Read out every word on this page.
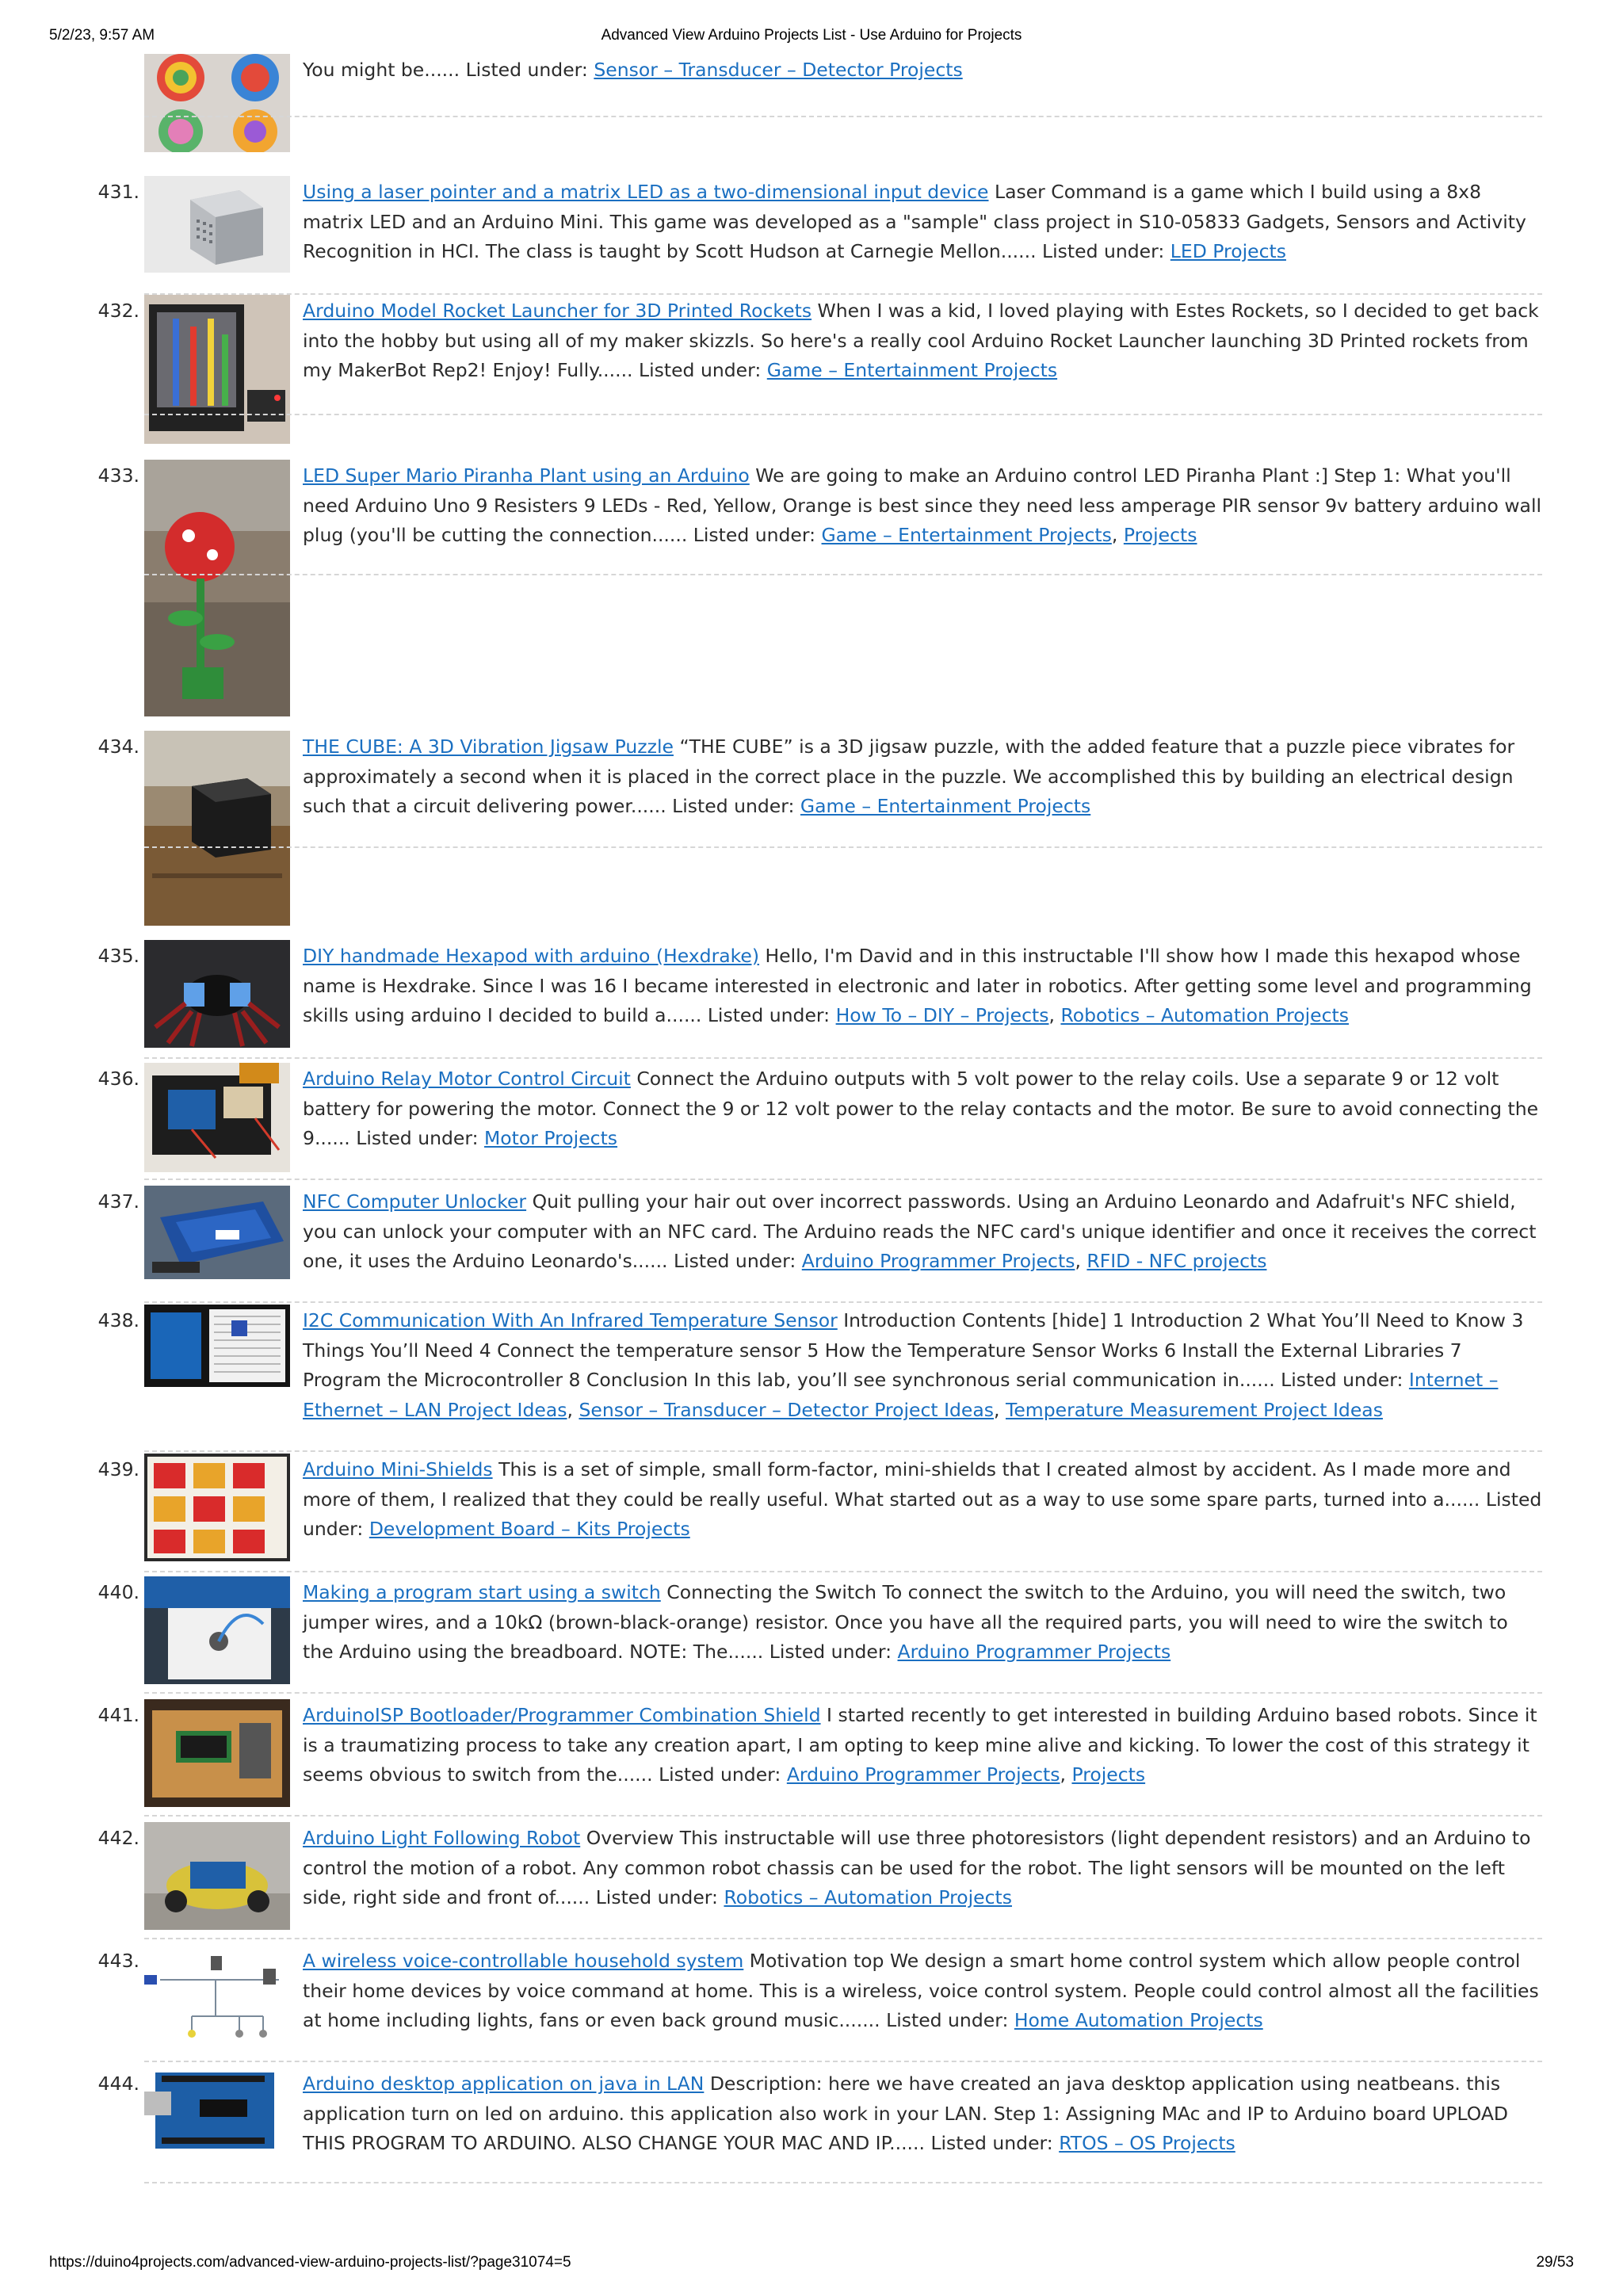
5/2/23, 9:57 AM	Advanced View Arduino Projects List - Use Arduino for Projects
You might be...... Listed under: Sensor – Transducer – Detector Projects
431.	Using a laser pointer and a matrix LED as a two-dimensional input device Laser Command is a game which I build using a 8x8 matrix LED and an Arduino Mini. This game was developed as a "sample" class project in S10-05833 Gadgets, Sensors and Activity Recognition in HCI. The class is taught by Scott Hudson at Carnegie Mellon...... Listed under: LED Projects
432.	Arduino Model Rocket Launcher for 3D Printed Rockets When I was a kid, I loved playing with Estes Rockets, so I decided to get back into the hobby but using all of my maker skizzls. So here's a really cool Arduino Rocket Launcher launching 3D Printed rockets from my MakerBot Rep2! Enjoy! Fully...... Listed under: Game – Entertainment Projects
433.	LED Super Mario Piranha Plant using an Arduino We are going to make an Arduino control LED Piranha Plant :] Step 1: What you'll need Arduino Uno 9 Resisters 9 LEDs - Red, Yellow, Orange is best since they need less amperage PIR sensor 9v battery arduino wall plug (you'll be cutting the connection...... Listed under: Game – Entertainment Projects, Projects
434.	THE CUBE: A 3D Vibration Jigsaw Puzzle “THE CUBE” is a 3D jigsaw puzzle, with the added feature that a puzzle piece vibrates for approximately a second when it is placed in the correct place in the puzzle. We accomplished this by building an electrical design such that a circuit delivering power...... Listed under: Game – Entertainment Projects
435.	DIY handmade Hexapod with arduino (Hexdrake) Hello, I'm David and in this instructable I'll show how I made this hexapod whose name is Hexdrake. Since I was 16 I became interested in electronic and later in robotics. After getting some level and programming skills using arduino I decided to build a...... Listed under: How To – DIY – Projects, Robotics – Automation Projects
436.	Arduino Relay Motor Control Circuit Connect the Arduino outputs with 5 volt power to the relay coils. Use a separate 9 or 12 volt battery for powering the motor. Connect the 9 or 12 volt power to the relay contacts and the motor. Be sure to avoid connecting the 9...... Listed under: Motor Projects
437.	NFC Computer Unlocker Quit pulling your hair out over incorrect passwords. Using an Arduino Leonardo and Adafruit's NFC shield, you can unlock your computer with an NFC card. The Arduino reads the NFC card's unique identifier and once it receives the correct one, it uses the Arduino Leonardo's...... Listed under: Arduino Programmer Projects, RFID - NFC projects
438.	I2C Communication With An Infrared Temperature Sensor Introduction Contents [hide] 1 Introduction 2 What You’ll Need to Know 3 Things You’ll Need 4 Connect the temperature sensor 5 How the Temperature Sensor Works 6 Install the External Libraries 7 Program the Microcontroller 8 Conclusion In this lab, you’ll see synchronous serial communication in...... Listed under: Internet – Ethernet – LAN Project Ideas, Sensor – Transducer – Detector Project Ideas, Temperature Measurement Project Ideas
439.	Arduino Mini-Shields This is a set of simple, small form-factor, mini-shields that I created almost by accident. As I made more and more of them, I realized that they could be really useful. What started out as a way to use some spare parts, turned into a...... Listed under: Development Board – Kits Projects
440.	Making a program start using a switch Connecting the Switch To connect the switch to the Arduino, you will need the switch, two jumper wires, and a 10kΩ (brown-black-orange) resistor. Once you have all the required parts, you will need to wire the switch to the Arduino using the breadboard. NOTE: The...... Listed under: Arduino Programmer Projects
441.	ArduinoISP Bootloader/Programmer Combination Shield I started recently to get interested in building Arduino based robots. Since it is a traumatizing process to take any creation apart, I am opting to keep mine alive and kicking. To lower the cost of this strategy it seems obvious to switch from the...... Listed under: Arduino Programmer Projects, Projects
442.	Arduino Light Following Robot Overview This instructable will use three photoresistors (light dependent resistors) and an Arduino to control the motion of a robot. Any common robot chassis can be used for the robot. The light sensors will be mounted on the left side, right side and front of...... Listed under: Robotics – Automation Projects
443.	A wireless voice-controllable household system Motivation top We design a smart home control system which allow people control their home devices by voice command at home. This is a wireless, voice control system. People could control almost all the facilities at home including lights, fans or even back ground music....... Listed under: Home Automation Projects
444.	Arduino desktop application on java in LAN Description: here we have created an java desktop application using neatbeans. this application turn on led on arduino. this application also work in your LAN. Step 1: Assigning MAc and IP to Arduino board UPLOAD THIS PROGRAM TO ARDUINO. ALSO CHANGE YOUR MAC AND IP...... Listed under: RTOS – OS Projects
https://duino4projects.com/advanced-view-arduino-projects-list/?page31074=5	29/53
